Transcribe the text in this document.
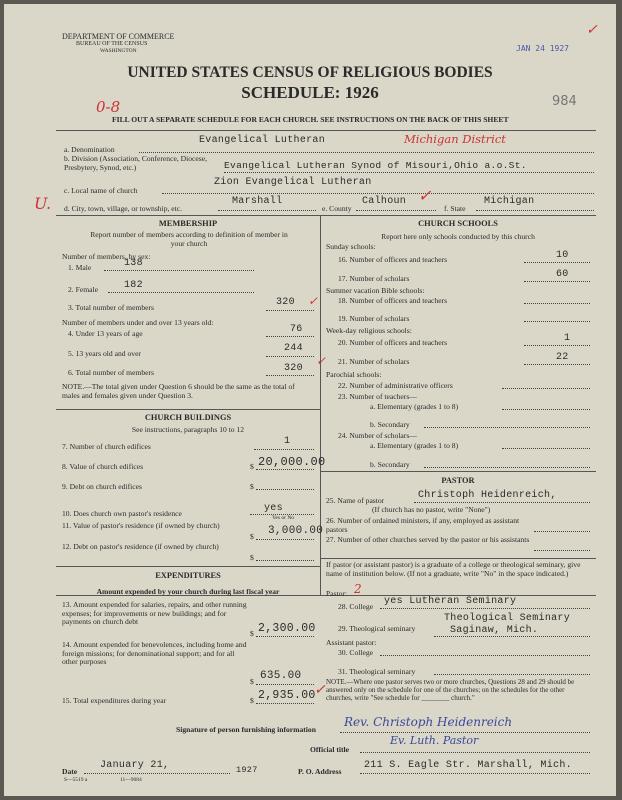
DEPARTMENT OF COMMERCE
BUREAU OF THE CENSUS
WASHINGTON	JAN 24 1927
✓
UNITED STATES CENSUS OF RELIGIOUS BODIES
SCHEDULE: 1926	984
0-8
FILL OUT A SEPARATE SCHEDULE FOR EACH CHURCH. SEE INSTRUCTIONS ON THE BACK OF THIS SHEET
a. Denomination
Evangelical Lutheran	Michigan District
b. Division (Association, Conference, Diocese, Presbytery, Synod, etc.)	Evangelical Lutheran Synod of Misouri,Ohio a.o.St.
Zion Evangelical Lutheran
c. Local name of church
U. d. City, town, village, or township, etc.
Marshall
e. County
Calhoun ✓
f. State
Michigan
MEMBERSHIP
Report number of members according to definition of member in your church
Number of members, by sex:
1. Male	138
2. Female	182
3. Total number of members	320 ✓
Number of members under and over 13 years old:
4. Under 13 years of age	76
5. 13 years old and over	244
6. Total number of members	320
✓
NOTE.—The total given under Question 6 should be the same as the total of males and females given under Question 3.
CHURCH BUILDINGS
See instructions, paragraphs 10 to 12
7. Number of church edifices	1
8. Value of church edifices	$ 20,000.00
9. Debt on church edifices	$
10. Does church own pastor's residence	yes
Yes or No
11. Value of pastor's residence (if owned by church)
$ 3,000.00
12. Debt on pastor's residence (if owned by church)
$
EXPENDITURES
Amount expended by your church during last fiscal year
13. Amount expended for salaries, repairs, and other running expenses; for improvements or new buildings; and for payments on church debt
$ 2,300.00
14. Amount expended for benevolences, including home and foreign missions; for denominational support; and for all other purposes
$ 635.00
15. Total expenditures during year	$ 2,935.00
✓
CHURCH SCHOOLS
Report here only schools conducted by this church
Sunday schools:
16. Number of officers and teachers	10
17. Number of scholars	60
Summer vacation Bible schools:
18. Number of officers and teachers
19. Number of scholars
Week-day religious schools:
20. Number of officers and teachers	1
21. Number of scholars	22
Parochial schools:
22. Number of administrative officers
23. Number of teachers—
a. Elementary (grades 1 to 8)
b. Secondary
24. Number of scholars—
a. Elementary (grades 1 to 8)
b. Secondary
PASTOR
25. Name of pastor	Christoph Heidenreich,
(If church has no pastor, write "None")
26. Number of ordained ministers, if any, employed as assistant pastors
27. Number of other churches served by the pastor or his assistants
If pastor (or assistant pastor) is a graduate of a college or theological seminary, give name of institution below. (If not a graduate, write "No" in the space indicated.)
Pastor: 2
28. College yes Lutheran Seminary
29. Theological seminary
Theological Seminary
Saginaw, Mich.
Assistant pastor:
30. College
31. Theological seminary
NOTE.—Where one pastor serves two or more churches, Questions 28 and 29 should be answered only on the schedule for one of the churches; on the schedules for the other churches, write "See schedule for ________ church."
Signature of person furnishing information
Rev. Christoph Heidenreich
Official title
Ev. Luth. Pastor
Date
January 21,	1927	P. O. Address
211 S. Eagle Str. Marshall, Mich.
S—5519 a	11—9084
